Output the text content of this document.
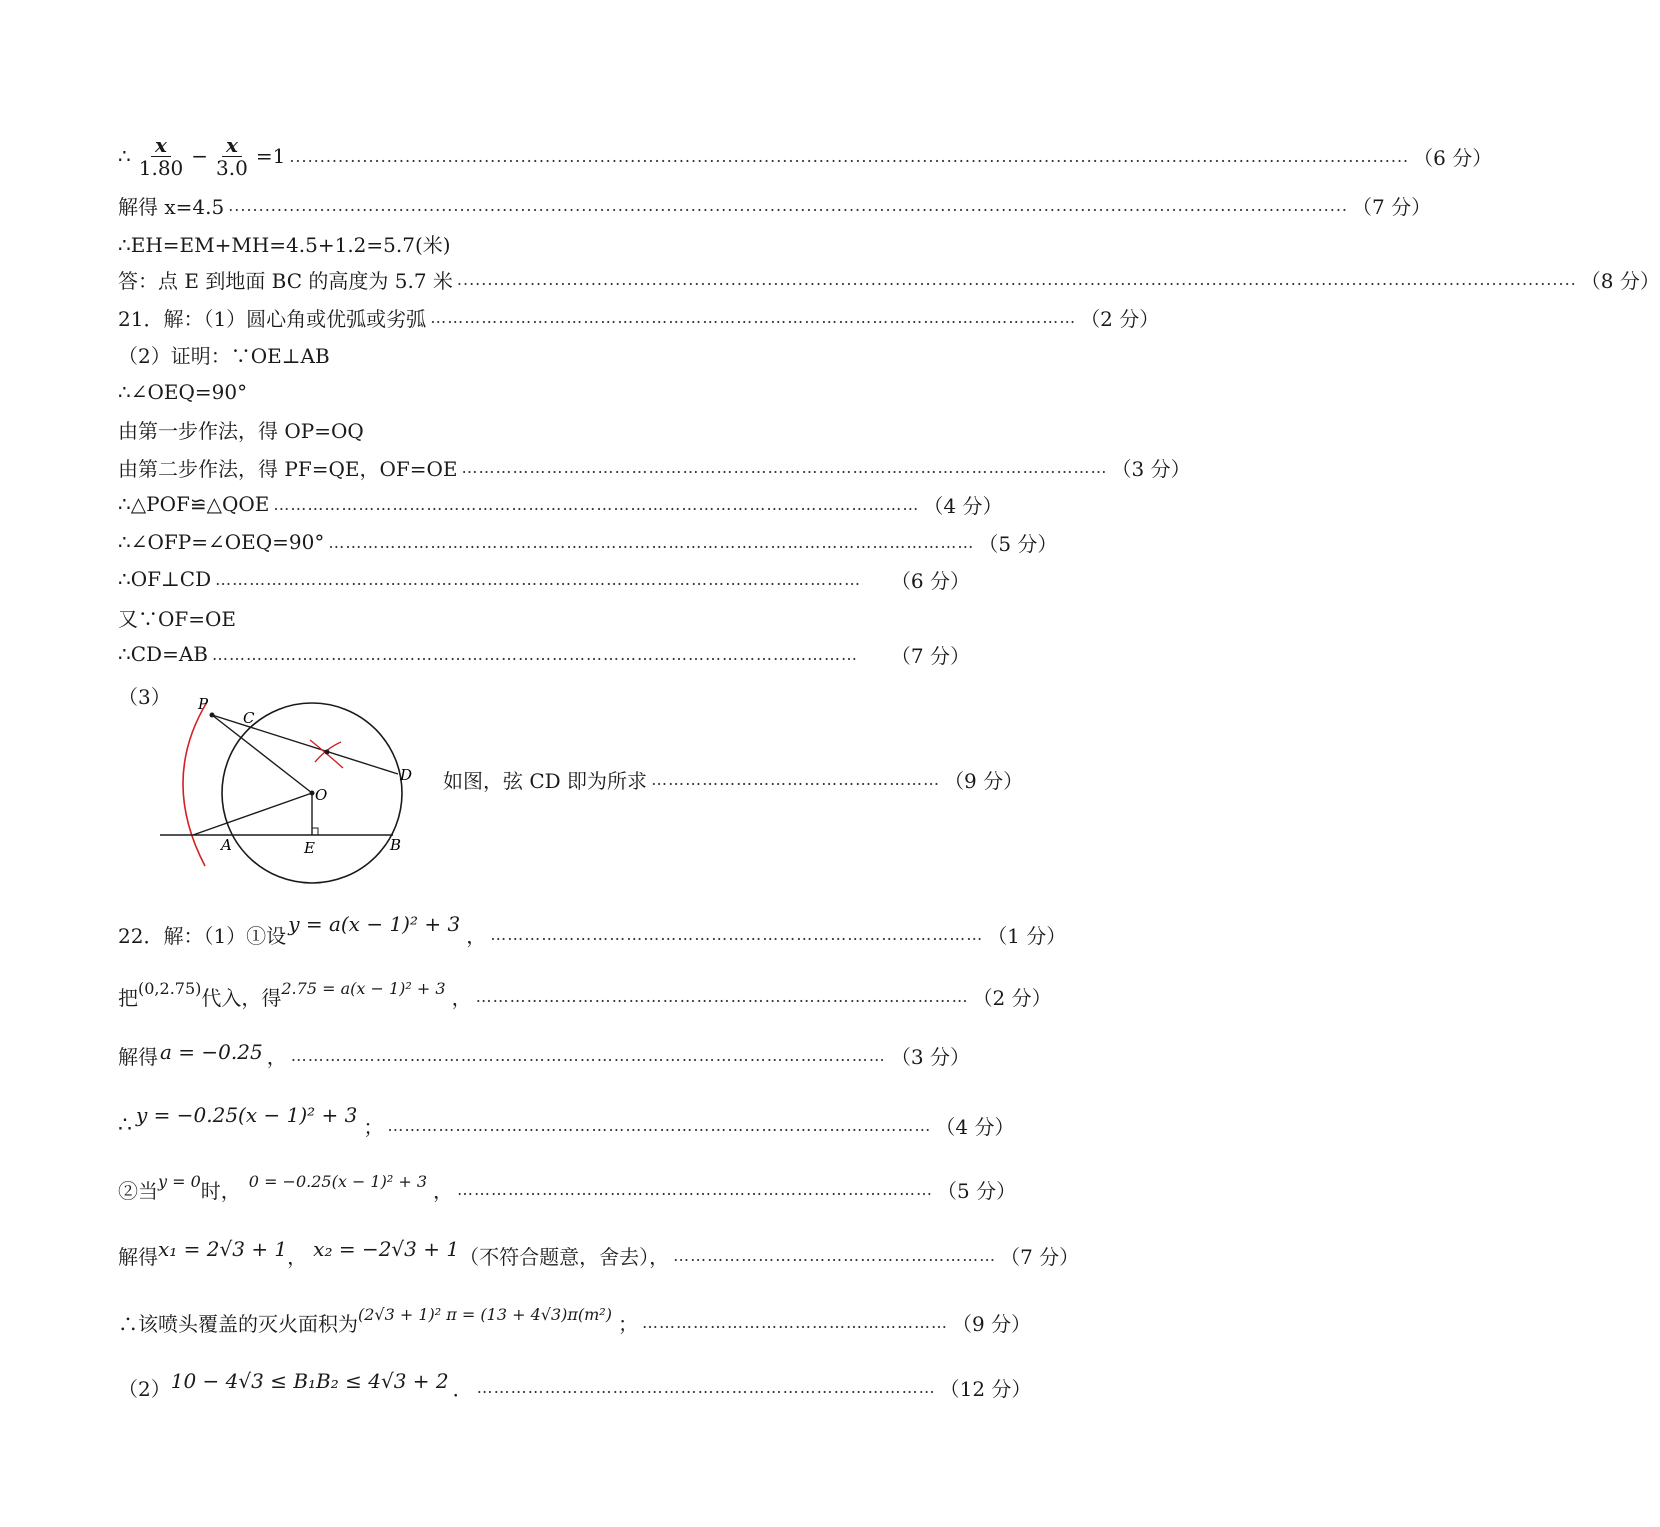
∴ $\frac{x}{1.80} - \frac{x}{3.0} =1$ ........................................................................................................................................................................................ （6 分）
解得 x=4.5 ........................................................................................................................................................................................ （7 分）
∴EH=EM+MH=4.5+1.2=5.7(米)
答：点 E 到地面 BC 的高度为 5.7 米 ........................................................................................................................................................................................ （8 分）
21．解：（1）圆心角或优弧或劣弧 …………………………………………………………………………………………………… （2 分）
（2）证明：∵OE⊥AB
∴∠OEQ=90°
由第一步作法，得 OP=OQ
由第二步作法，得 PF=QE，OF=OE …………………………………………………………………………………………………… （3 分）
∴△POF≌△QOE …………………………………………………………………………………………………… （4 分）
∴∠OFP=∠OEQ=90° …………………………………………………………………………………………………… （5 分）
∴OF⊥CD ……………………………………………………………………………………………………	（6 分）
又∵OF=OE
∴CD=AB ……………………………………………………………………………………………………	（7 分）
（3） P
C
D
O
A	E	B
如图，弦 CD 即为所求 …………………………………………… （9 分）
22．解：（1）①设 y = a(x − 1)² + 3 ， …………………………………………………………………………… （1 分）
把 (0,2.75) 代入，得 2.75 = a(x − 1)² + 3 ， …………………………………………………………………………… （2 分）
解得 a = −0.25 ， …………………………………………………………………………………………… （3 分）
∴ y = −0.25(x − 1)² + 3 ； …………………………………………………………………………………… （4 分）
②当 y = 0 时， 0 = −0.25(x − 1)² + 3 ， ………………………………………………………………………… （5 分）
解得 x₁ = 2√3 + 1 ， x₂ = −2√3 + 1 （不符合题意，舍去）， ………………………………………………… （7 分）
∴该喷头覆盖的灭火面积为 (2√3 + 1)² π = (13 + 4√3)π(m²) ； ……………………………………………… （9 分）
（2） 10 − 4√3 ≤ B₁B₂ ≤ 4√3 + 2 ． ……………………………………………………………………… （12 分）
